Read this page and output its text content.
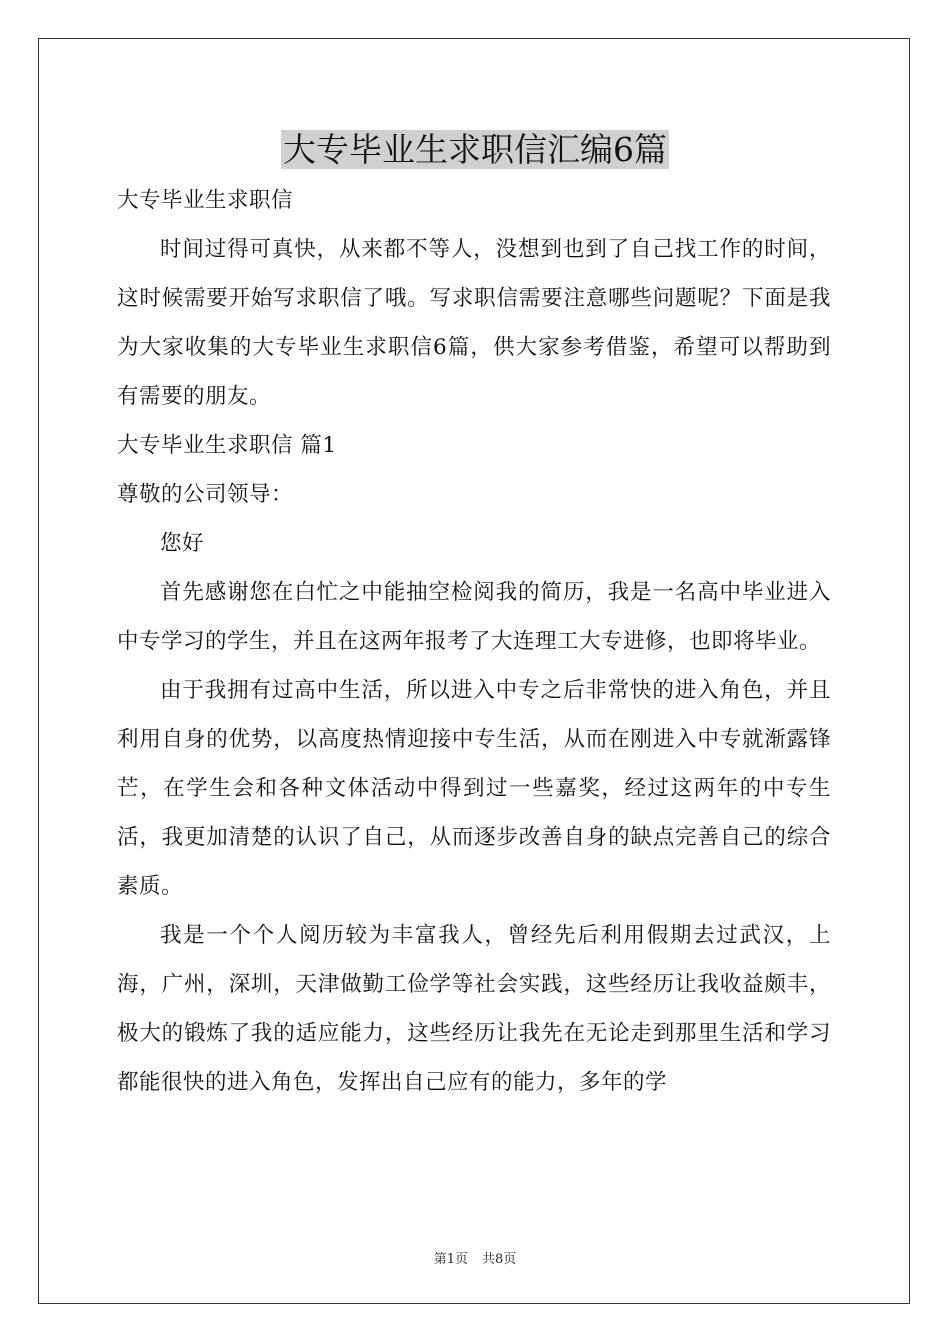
大专毕业生求职信汇编6篇

大专毕业生求职信

时间过得可真快，从来都不等人，没想到也到了自己找工作的时间，这时候需要开始写求职信了哦。写求职信需要注意哪些问题呢？下面是我为大家收集的大专毕业生求职信6篇，供大家参考借鉴，希望可以帮助到有需要的朋友。

大专毕业生求职信 篇1

尊敬的公司领导：

您好

首先感谢您在白忙之中能抽空检阅我的简历，我是一名高中毕业进入中专学习的学生，并且在这两年报考了大连理工大专进修，也即将毕业。

由于我拥有过高中生活，所以进入中专之后非常快的进入角色，并且利用自身的优势，以高度热情迎接中专生活，从而在刚进入中专就渐露锋芒，在学生会和各种文体活动中得到过一些嘉奖，经过这两年的中专生活，我更加清楚的认识了自己，从而逐步改善自身的缺点完善自己的综合素质。

我是一个个人阅历较为丰富我人，曾经先后利用假期去过武汉，上海，广州，深圳，天津做勤工俭学等社会实践，这些经历让我收益颇丰，极大的锻炼了我的适应能力，这些经历让我先在无论走到那里生活和学习都能很快的进入角色，发挥出自己应有的能力，多年的学

第1页 共8页
